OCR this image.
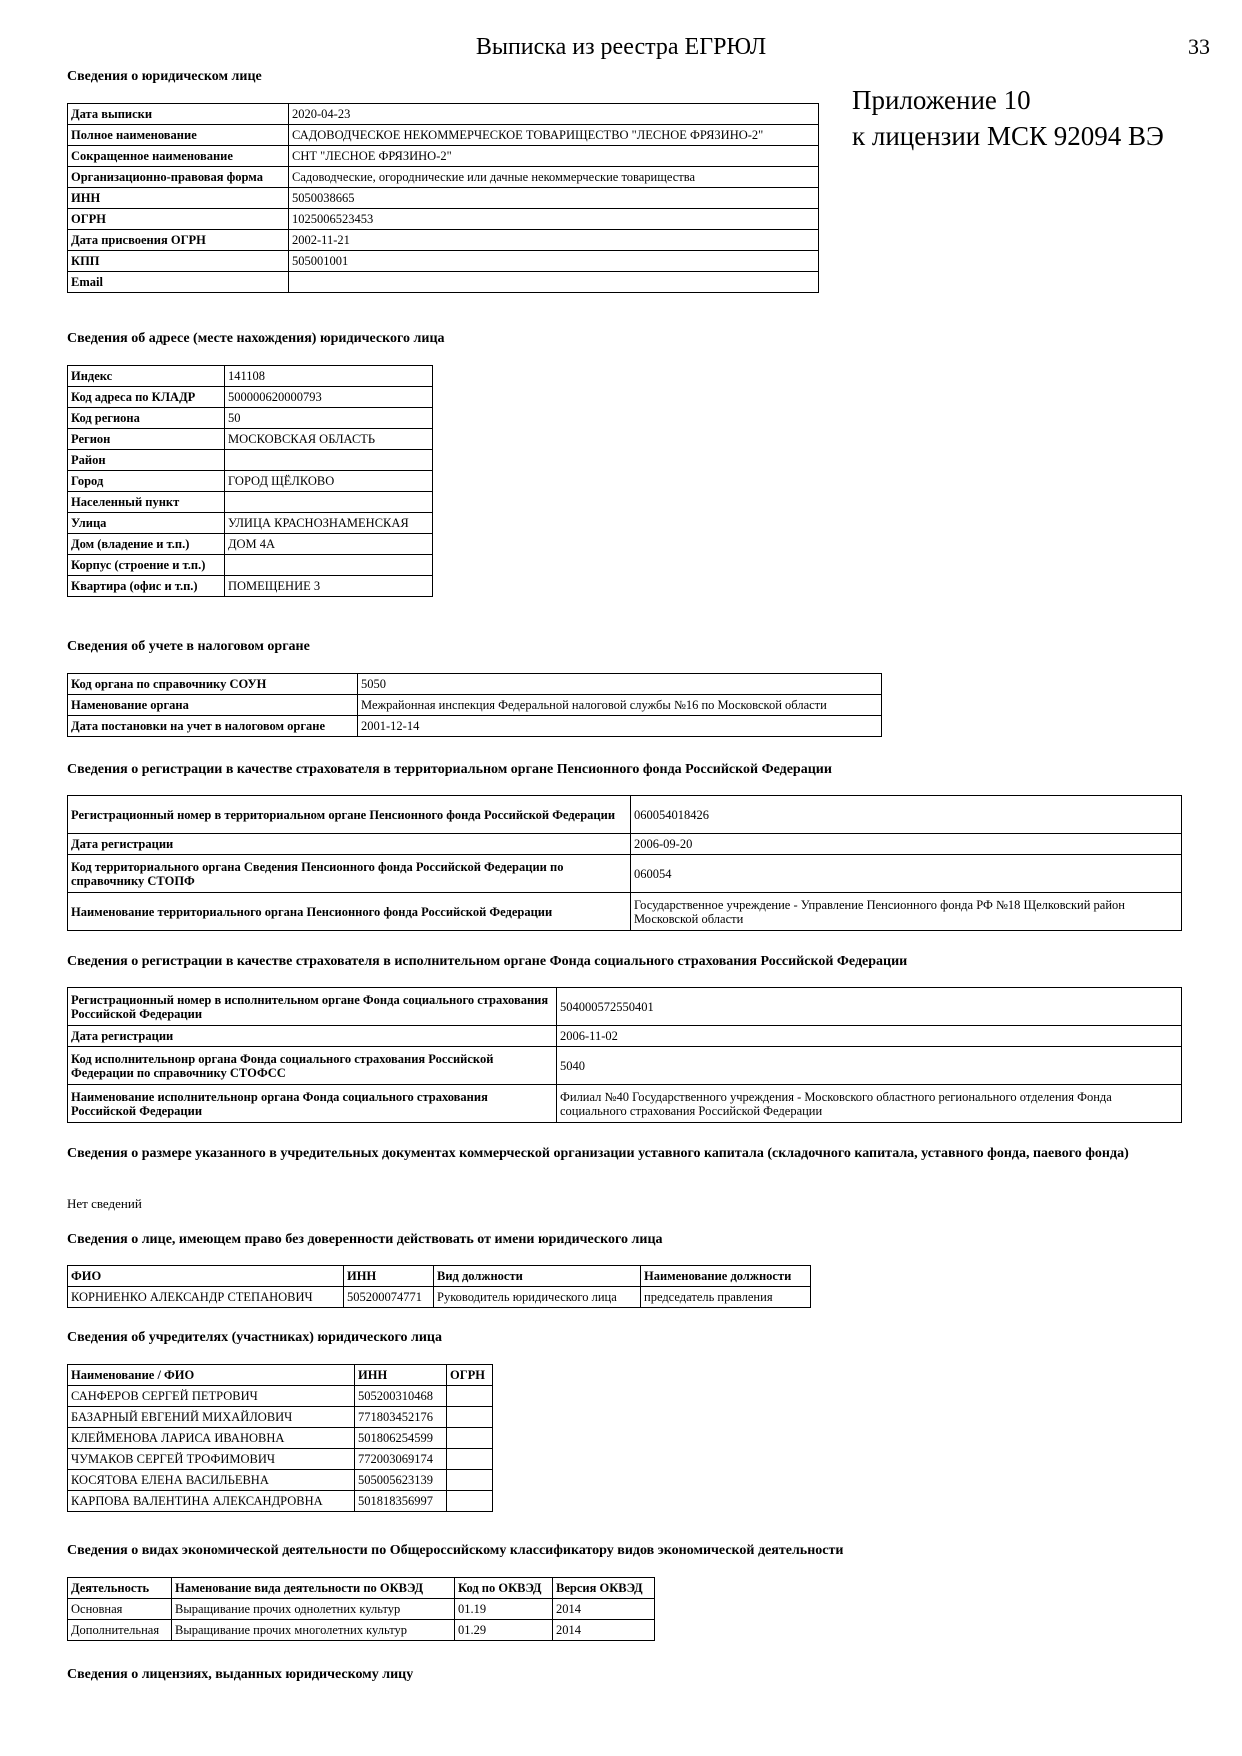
Выписка из реестра ЕГРЮЛ	33
Приложение 10
к лицензии МСК 92094 ВЭ
Сведения о юридическом лице
Дата выписки	2020-04-23
Полное наименование	САДОВОДЧЕСКОЕ НЕКОММЕРЧЕСКОЕ ТОВАРИЩЕСТВО "ЛЕСНОЕ ФРЯЗИНО-2"
Сокращенное наименование	СНТ "ЛЕСНОЕ ФРЯЗИНО-2"
Организационно-правовая форма	Садоводческие, огороднические или дачные некоммерческие товарищества
ИНН	5050038665
ОГРН	1025006523453
Дата присвоения ОГРН	2002-11-21
КПП	505001001
Email	
Сведения об адресе (месте нахождения) юридического лица
Индекс	141108
Код адреса по КЛАДР	500000620000793
Код региона	50
Регион	МОСКОВСКАЯ ОБЛАСТЬ
Район	
Город	ГОРОД ЩЁЛКОВО
Населенный пункт	
Улица	УЛИЦА КРАСНОЗНАМЕНСКАЯ
Дом (владение и т.п.)	ДОМ 4А
Корпус (строение и т.п.)	
Квартира (офис и т.п.)	ПОМЕЩЕНИЕ 3
Сведения об учете в налоговом органе
Код органа по справочнику СОУН	5050
Наменование органа	Межрайонная инспекция Федеральной налоговой службы №16 по Московской области
Дата постановки на учет в налоговом органе	2001-12-14
Сведения о регистрации в качестве страхователя в территориальном органе Пенсионного фонда Российской Федерации
Регистрационный номер в территориальном органе Пенсионного фонда Российской Федерации	060054018426
Дата регистрации	2006-09-20
Код территориального органа Сведения Пенсионного фонда Российской Федерации по справочнику СТОПФ	060054
Наименование территориального органа Пенсионного фонда Российской Федерации	Государственное учреждение - Управление Пенсионного фонда РФ №18 Щелковский район Московской области
Сведения о регистрации в качестве страхователя в исполнительном органе Фонда социального страхования Российской Федерации
Регистрационный номер в исполнительном органе Фонда социального страхования Российской Федерации	504000572550401
Дата регистрации	2006-11-02
Код исполнительнонр органа Фонда социального страхования Российской Федерации по справочнику СТОФСС	5040
Наименование исполнительнонр органа Фонда социального страхования Российской Федерации	Филиал №40 Государственного учреждения - Московского областного регионального отделения Фонда социального страхования Российской Федерации
Сведения о размере указанного в учредительных документах коммерческой организации уставного капитала (складочного капитала, уставного фонда, паевого фонда)
Нет сведений
Сведения о лице, имеющем право без доверенности действовать от имени юридического лица
ФИО	ИНН	Вид должности	Наименование должности
КОРНИЕНКО АЛЕКСАНДР СТЕПАНОВИЧ	505200074771	Руководитель юридического лица	председатель правления
Сведения об учредителях (участниках) юридического лица
Наименование / ФИО	ИНН	ОГРН
САНФЕРОВ СЕРГЕЙ ПЕТРОВИЧ	505200310468	
БАЗАРНЫЙ ЕВГЕНИЙ МИХАЙЛОВИЧ	771803452176	
КЛЕЙМЕНОВА ЛАРИСА ИВАНОВНА	501806254599	
ЧУМАКОВ СЕРГЕЙ ТРОФИМОВИЧ	772003069174	
КОСЯТОВА ЕЛЕНА ВАСИЛЬЕВНА	505005623139	
КАРПОВА ВАЛЕНТИНА АЛЕКСАНДРОВНА	501818356997	
Сведения о видах экономической деятельности по Общероссийскому классификатору видов экономической деятельности
Деятельность	Наменование вида деятельности по ОКВЭД	Код по ОКВЭД	Версия ОКВЭД
Основная	Выращивание прочих однолетних культур	01.19	2014
Дополнительная	Выращивание прочих многолетних культур	01.29	2014
Сведения о лицензиях, выданных юридическому лицу
